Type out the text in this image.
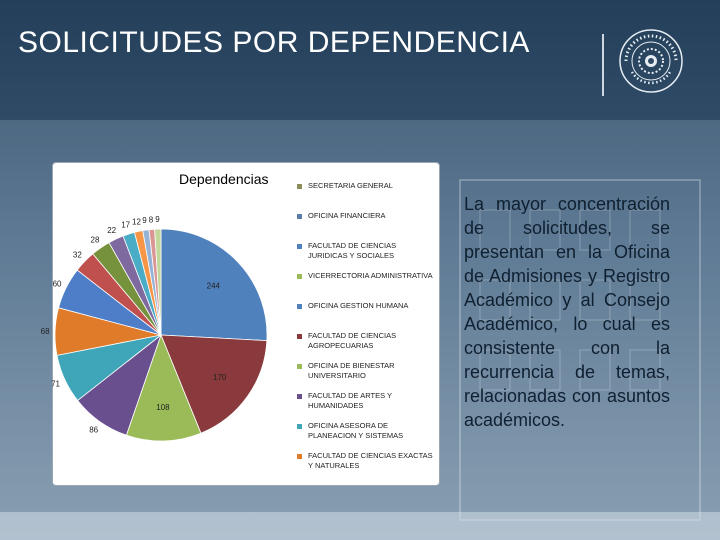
SOLICITUDES POR DEPENDENCIA
Dependencias
244
170
108
86
71
68
60
32
28
22
17 12 9 8 9
SECRETARIA GENERAL
OFICINA FINANCIERA
FACULTAD DE CIENCIAS JURIDICAS Y SOCIALES
VICERRECTORIA ADMINISTRATIVA
OFICINA GESTION HUMANA
FACULTAD DE CIENCIAS AGROPECUARIAS
OFICINA DE BIENESTAR UNIVERSITARIO
FACULTAD DE ARTES Y HUMANIDADES
OFICINA ASESORA DE PLANEACION Y SISTEMAS
FACULTAD DE CIENCIAS EXACTAS Y NATURALES
La mayor concentración de solicitudes, se presentan en la Oficina de Admisiones y Registro Académico y al Consejo Académico, lo cual es consistente con la recurrencia de temas, relacionadas con asuntos académicos.
